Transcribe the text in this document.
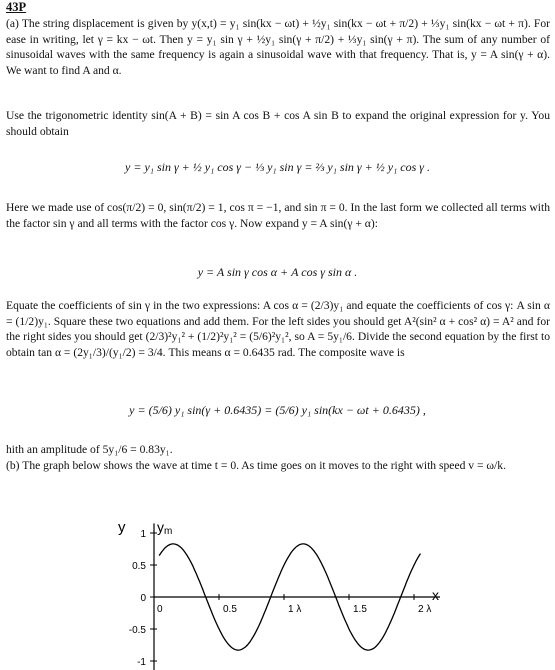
43P
(a) The string displacement is given by y(x,t) = y₁ sin(kx − ωt) + ½y₁ sin(kx − ωt + π/2) + ⅓y₁ sin(kx − ωt + π). For ease in writing, let γ = kx − ωt. Then y = y₁ sin γ + ½y₁ sin(γ + π/2) + ⅓y₁ sin(γ + π). The sum of any number of sinusoidal waves with the same frequency is again a sinusoidal wave with that frequency. That is, y = A sin(γ + α). We want to find A and α.
Use the trigonometric identity sin(A + B) = sin A cos B + cos A sin B to expand the original expression for y. You should obtain
y = y₁ sin γ + ½ y₁ cos γ − ⅓ y₁ sin γ = ⅔ y₁ sin γ + ½ y₁ cos γ .
Here we made use of cos(π/2) = 0, sin(π/2) = 1, cos π = −1, and sin π = 0. In the last form we collected all terms with the factor sin γ and all terms with the factor cos γ. Now expand y = A sin(γ + α):
y = A sin γ cos α + A cos γ sin α .
Equate the coefficients of sin γ in the two expressions: A cos α = (2/3)y₁ and equate the coefficients of cos γ: A sin α = (1/2)y₁. Square these two equations and add them. For the left sides you should get A²(sin² α + cos² α) = A² and for the right sides you should get (2/3)²y₁² + (1/2)²y₁² = (5/6)²y₁², so A = 5y₁/6. Divide the second equation by the first to obtain tan α = (2y₁/3)/(y₁/2) = 3/4. This means α = 0.6435 rad. The composite wave is
y = (5/6) y₁ sin(γ + 0.6435) = (5/6) y₁ sin(kx − ωt + 0.6435) ,
hith an amplitude of 5y₁/6 = 0.83y₁.
(b) The graph below shows the wave at time t = 0. As time goes on it moves to the right with speed v = ω/k.
1
0.5
0
-0.5
-1
0	0.5	1 λ	1.5	2 λ
y ym
x
